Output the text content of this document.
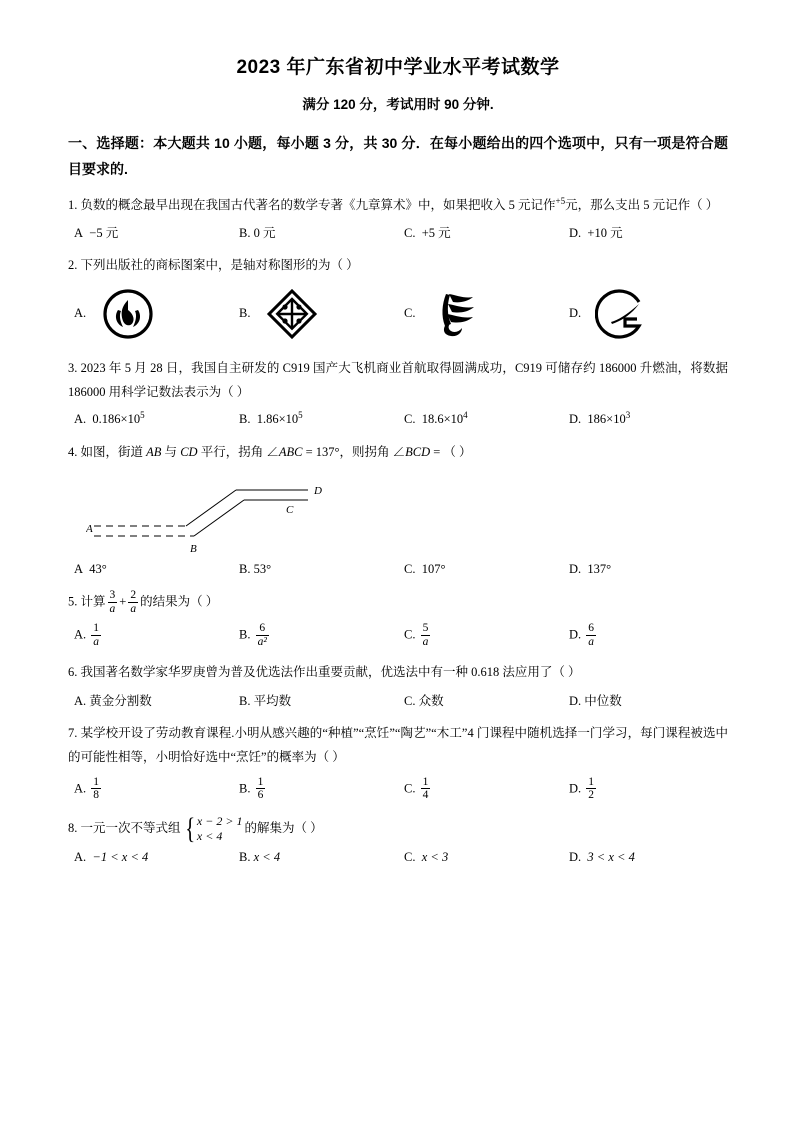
2023 年广东省初中学业水平考试数学
满分 120 分，考试用时 90 分钟.
一、选择题：本大题共 10 小题，每小题 3 分，共 30 分．在每小题给出的四个选项中，只有一项是符合题目要求的.
1. 负数的概念最早出现在我国古代著名的数学专著《九章算术》中，如果把收入 5 元记作$^{+5}$元，那么支出 5 元记作（ ）
A −5 元	B. 0 元	C. +5 元	D. +10 元
2. 下列出版社的商标图案中，是轴对称图形的为（ ）
A.	B.	C.	D.
3. 2023 年 5 月 28 日，我国自主研发的 C919 国产大飞机商业首航取得圆满成功，C919 可储存约 186000 升燃油，将数据 186000 用科学记数法表示为（ ）
A. $0.186\times 10^5$	B. $1.86\times 10^5$	C. $18.6\times 10^4$	D. $186\times 10^3$
4. 如图，街道 AB 与 CD 平行，拐角 ∠ABC = 137°，则拐角 ∠BCD = （ ）
D
C
A
B
A 43°	B. 53°	C. 107°	D. 137°
5. 计算 $\frac{3}{a} + \frac{2}{a}$ 的结果为（ ）
A. $\frac{1}{a}$	B. $\frac{6}{\text{a²}}$	C. $\frac{5}{a}$	D. $\frac{6}{a}$
6. 我国著名数学家华罗庚曾为普及优选法作出重要贡献，优选法中有一种 0.618 法应用了（ ）
A. 黄金分割数	B. 平均数	C. 众数	D. 中位数
7. 某学校开设了劳动教育课程.小明从感兴趣的“种植”“烹饪”“陶艺”“木工”4 门课程中随机选择一门学习，每门课程被选中的可能性相等，小明恰好选中“烹饪”的概率为（ ）
A. $\frac{1}{8}$	B. $\frac{1}{6}$	C. $\frac{1}{4}$	D. $\frac{1}{2}$
8. 一元一次不等式组 { x − 2 > 1
x < 4
的解集为（ ）
A. −1 < x < 4	B. x < 4	C. x < 3	D. 3 < x < 4
